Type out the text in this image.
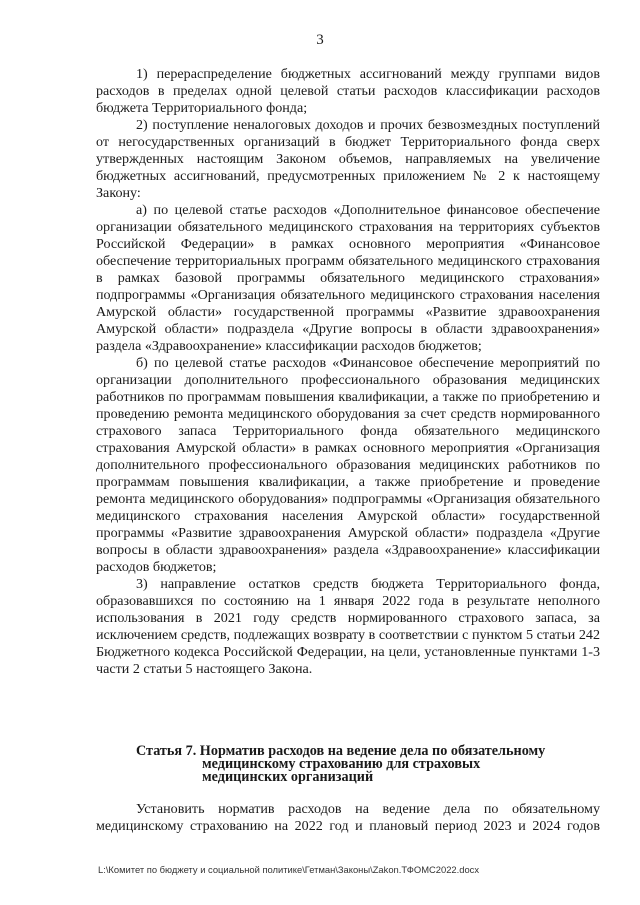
3

1) перераспределение бюджетных ассигнований между группами видов расходов в пределах одной целевой статьи расходов классификации расходов бюджета Территориального фонда;

2) поступление неналоговых доходов и прочих безвозмездных поступлений от негосударственных организаций в бюджет Территориального фонда сверх утвержденных настоящим Законом объемов, направляемых на увеличение бюджетных ассигнований, предусмотренных приложением № 2 к настоящему Закону:

а) по целевой статье расходов «Дополнительное финансовое обеспечение организации обязательного медицинского страхования на территориях субъектов Российской Федерации» в рамках основного мероприятия «Финансовое обеспечение территориальных программ обязательного медицинского страхования в рамках базовой программы обязательного медицинского страхования» подпрограммы «Организация обязательного медицинского страхования населения Амурской области» государственной программы «Развитие здравоохранения Амурской области» подраздела «Другие вопросы в области здравоохранения» раздела «Здравоохранение» классификации расходов бюджетов;

б) по целевой статье расходов «Финансовое обеспечение мероприятий по организации дополнительного профессионального образования медицинских работников по программам повышения квалификации, а также по приобретению и проведению ремонта медицинского оборудования за счет средств нормированного страхового запаса Территориального фонда обязательного медицинского страхования Амурской области» в рамках основного мероприятия «Организация дополнительного профессионального образования медицинских работников по программам повышения квалификации, а также приобретение и проведение ремонта медицинского оборудования» подпрограммы «Организация обязательного медицинского страхования населения Амурской области» государственной программы «Развитие здравоохранения Амурской области» подраздела «Другие вопросы в области здравоохранения» раздела «Здравоохранение» классификации расходов бюджетов;

3) направление остатков средств бюджета Территориального фонда, образовавшихся по состоянию на 1 января 2022 года в результате неполного использования в 2021 году средств нормированного страхового запаса, за исключением средств, подлежащих возврату в соответствии с пунктом 5 статьи 242 Бюджетного кодекса Российской Федерации, на цели, установленные пунктами 1-3 части 2 статьи 5 настоящего Закона.

Статья 7. Норматив расходов на ведение дела по обязательному
медицинскому страхованию для страховых
медицинских организаций

Установить норматив расходов на ведение дела по обязательному медицинскому страхованию на 2022 год и плановый период 2023 и 2024 годов

L:\Комитет по бюджету и социальной политике\Гетман\Законы\Zakon.ТФОМС2022.docx
